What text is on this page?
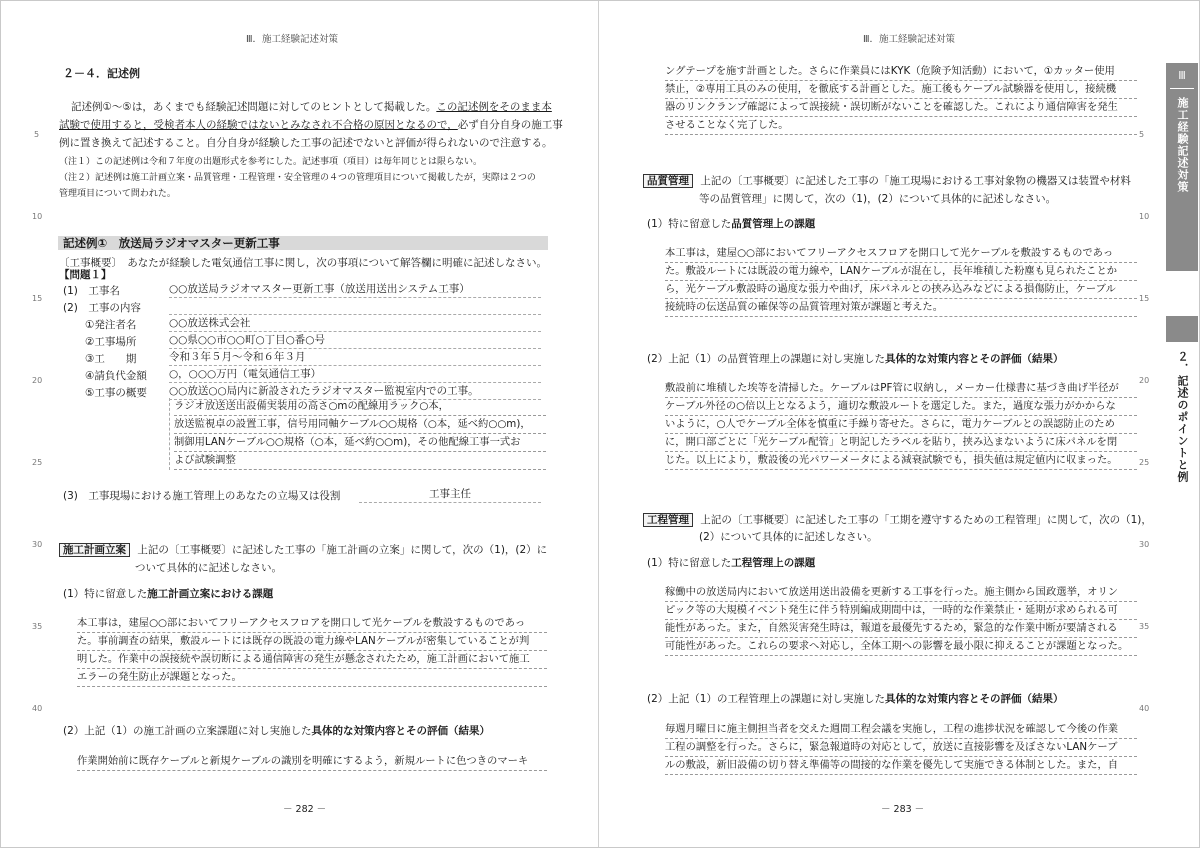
Ⅲ．施工経験記述対策
5
10
15
20
25
30
35
40
２－４．記述例
記述例①～⑤は，あくまでも経験記述問題に対してのヒントとして掲載した。この記述例をそのまま本
試験で使用すると，受検者本人の経験ではないとみなされ不合格の原因となるので，必ず自分自身の施工事
例に置き換えて記述すること。自分自身が経験した工事の記述でないと評価が得られないので注意する。
（注１）この記述例は令和７年度の出題形式を参考にした。記述事項（項目）は毎年同じとは限らない。
（注２）記述例は施工計画立案・品質管理・工程管理・安全管理の４つの管理項目について掲載したが，実際は２つの
管理項目について問われた。
記述例①　放送局ラジオマスター更新工事
【問題１】
〔工事概要〕　あなたが経験した電気通信工事に関し，次の事項について解答欄に明確に記述しなさい。
(1)　工事名	○○放送局ラジオマスター更新工事（放送用送出システム工事）
(2)　工事の内容
①発注者名	○○放送株式会社
②工事場所	○○県○○市○○町○丁目○番○号
③工　　期	令和３年５月～令和６年３月
④請負代金額 ○，○○○万円（電気通信工事）
⑤工事の概要 ○○放送○○局内に新設されたラジオマスター監視室内での工事。
ラジオ放送送出設備実装用の高さ○mの配線用ラック○本，
放送監視卓の設置工事，信号用同軸ケーブル○○規格（○本，延べ約○○m)，
制御用LANケーブル○○規格（○本，延べ約○○m)，その他配線工事一式お
よび試験調整
(3)　工事現場における施工管理上のあなたの立場又は役割	工事主任
施工計画立案 上記の〔工事概要〕に記述した工事の「施工計画の立案」に関して，次の（1)，(2）に
ついて具体的に記述しなさい。
(1）特に留意した施工計画立案における課題
本工事は，建屋○○部においてフリーアクセスフロアを開口して光ケーブルを敷設するものであっ
た。事前調査の結果，敷設ルートには既存の既設の電力線やLANケーブルが密集していることが判
明した。作業中の誤接続や誤切断による通信障害の発生が懸念されたため，施工計画において施工
エラーの発生防止が課題となった。
(2）上記（1）の施工計画の立案課題に対し実施した具体的な対策内容とその評価（結果）
作業開始前に既存ケーブルと新規ケーブルの識別を明確にするよう，新規ルートに色つきのマーキ
－ 282 －
Ⅲ．施工経験記述対策
5
10
15
20
25
30
35
40
ングテープを施す計画とした。さらに作業員にはKYK（危険予知活動）において，①カッター使用
禁止，②専用工具のみの使用，を徹底する計画とした。施工後もケーブル試験器を使用し，接続機
器のリンクランプ確認によって誤接続・誤切断がないことを確認した。これにより通信障害を発生
させることなく完了した。
品質管理 上記の〔工事概要〕に記述した工事の「施工現場における工事対象物の機器又は装置や材料
等の品質管理」に関して，次の（1)，(2）について具体的に記述しなさい。
(1）特に留意した品質管理上の課題
本工事は，建屋○○部においてフリーアクセスフロアを開口して光ケーブルを敷設するものであっ
た。敷設ルートには既設の電力線や，LANケーブルが混在し，長年堆積した粉塵も見られたことか
ら，光ケーブル敷設時の過度な張力や曲げ，床パネルとの挟み込みなどによる損傷防止，ケーブル
接続時の伝送品質の確保等の品質管理対策が課題と考えた。
(2）上記（1）の品質管理上の課題に対し実施した具体的な対策内容とその評価（結果）
敷設前に堆積した埃等を清掃した。ケーブルはPF管に収納し，メーカー仕様書に基づき曲げ半径が
ケーブル外径の○倍以上となるよう，適切な敷設ルートを選定した。また，過度な張力がかからな
いように，○人でケーブル全体を慎重に手繰り寄せた。さらに，電力ケーブルとの誤認防止のため
に，開口部ごとに「光ケーブル配管」と明記したラベルを貼り，挟み込まないように床パネルを閉
じた。以上により，敷設後の光パワーメータによる減衰試験でも，損失値は規定値内に収まった。
工程管理 上記の〔工事概要〕に記述した工事の「工期を遵守するための工程管理」に関して，次の（1)，
(2）について具体的に記述しなさい。
(1）特に留意した工程管理上の課題
稼働中の放送局内において放送用送出設備を更新する工事を行った。施主側から国政選挙，オリン
ピック等の大規模イベント発生に伴う特別編成期間中は，一時的な作業禁止・延期が求められる可
能性があった。また，自然災害発生時は，報道を最優先するため，緊急的な作業中断が要請される
可能性があった。これらの要求へ対応し，全体工期への影響を最小限に抑えることが課題となった。
(2）上記（1）の工程管理上の課題に対し実施した具体的な対策内容とその評価（結果）
毎週月曜日に施主側担当者を交えた週間工程会議を実施し，工程の進捗状況を確認して今後の作業
工程の調整を行った。さらに，緊急報道時の対応として，放送に直接影響を及ぼさないLANケーブ
ルの敷設，新旧設備の切り替え準備等の間接的な作業を優先して実施できる体制とした。また，自
Ⅲ
施工経験記述対策
２．記述のポイントと例
－ 283 －
